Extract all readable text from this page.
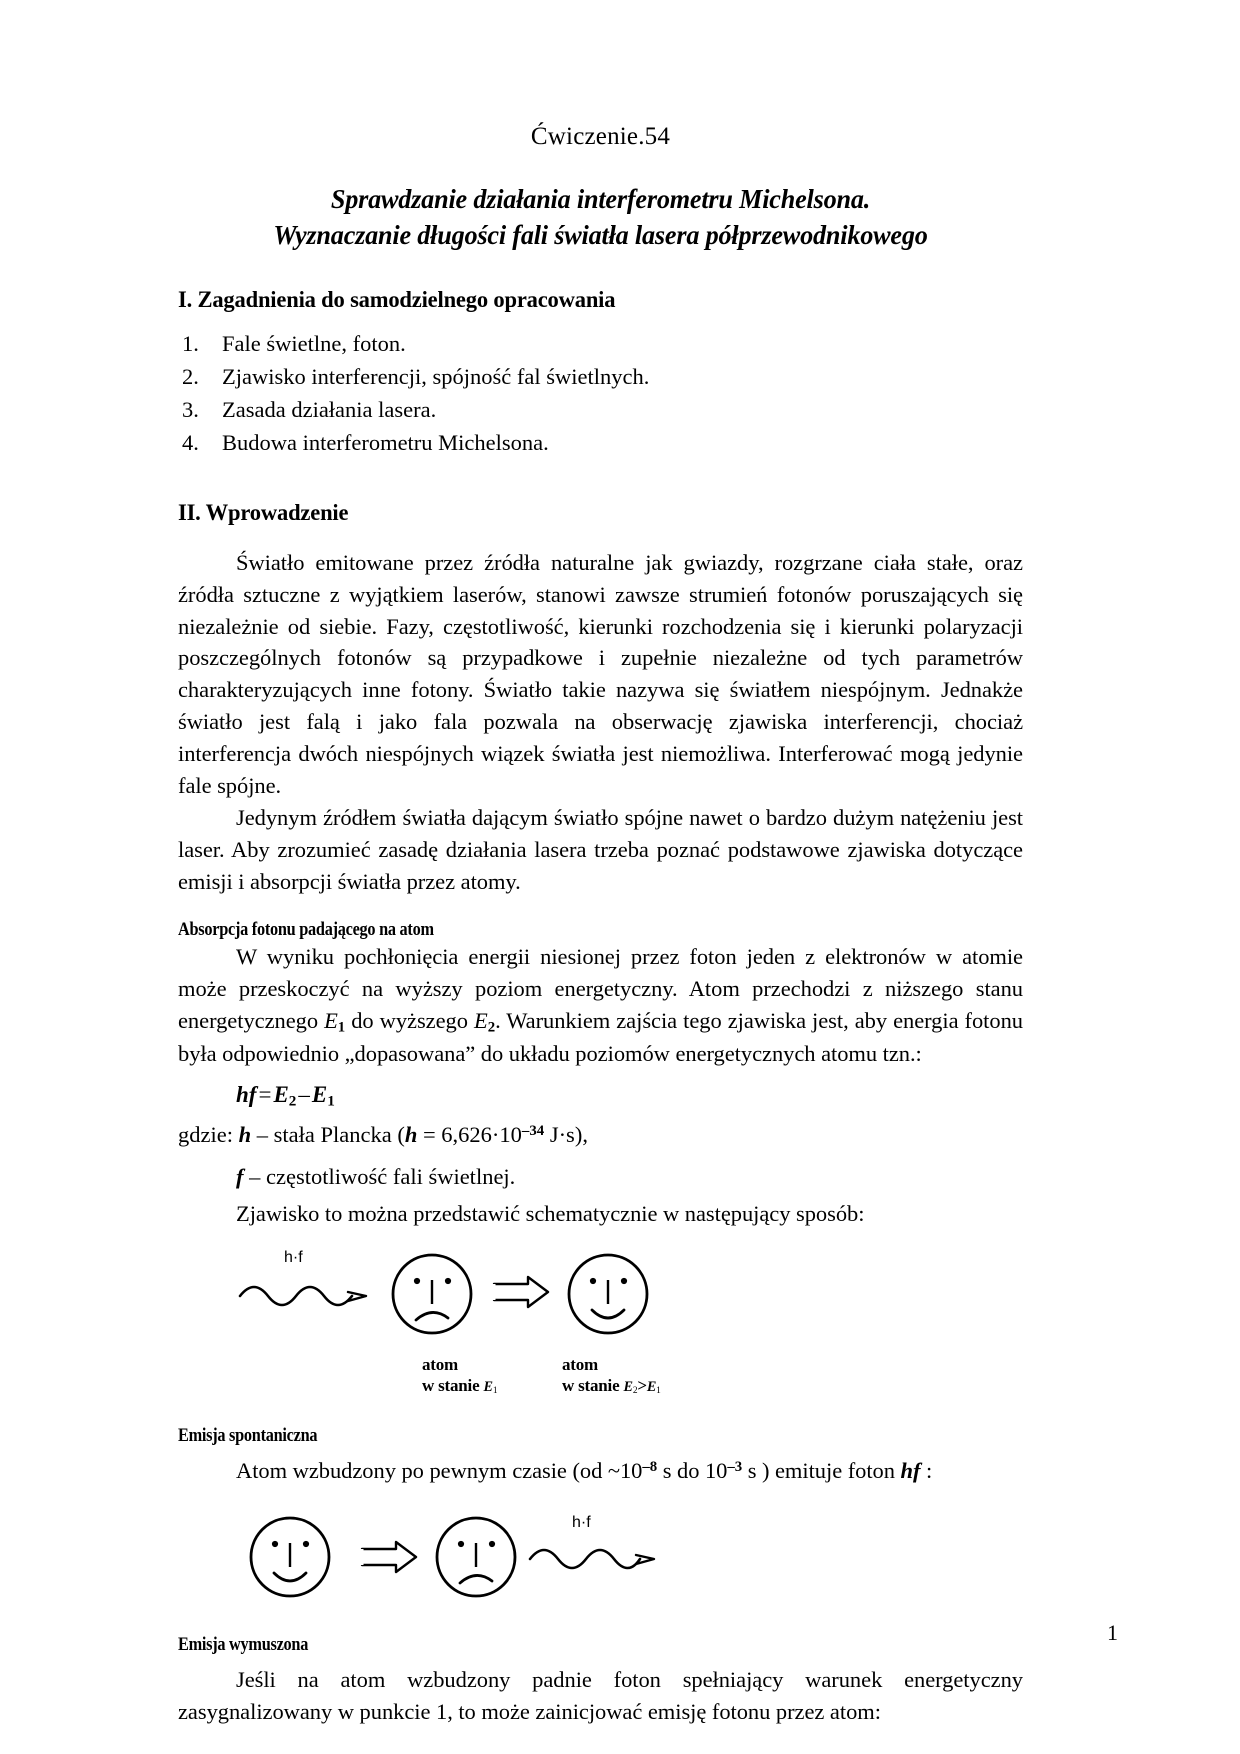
Ćwiczenie.54
Sprawdzanie działania interferometru Michelsona.
Wyznaczanie długości fali światła lasera półprzewodnikowego
I. Zagadnienia do samodzielnego opracowania
1.	Fale świetlne, foton.
2.	Zjawisko interferencji, spójność fal świetlnych.
3.	Zasada działania lasera.
4.	Budowa interferometru Michelsona.
II. Wprowadzenie

Światło emitowane przez źródła naturalne jak gwiazdy, rozgrzane ciała stałe, oraz źródła sztuczne z wyjątkiem laserów, stanowi zawsze strumień fotonów poruszających się niezależnie od siebie. Fazy, częstotliwość, kierunki rozchodzenia się i kierunki polaryzacji poszczególnych fotonów są przypadkowe i zupełnie niezależne od tych parametrów charakteryzujących inne fotony. Światło takie nazywa się światłem niespójnym. Jednakże światło jest falą i jako fala pozwala na obserwację zjawiska interferencji, chociaż interferencja dwóch niespójnych wiązek światła jest niemożliwa. Interferować mogą jedynie fale spójne.

Jedynym źródłem światła dającym światło spójne nawet o bardzo dużym natężeniu jest laser. Aby zrozumieć zasadę działania lasera trzeba poznać podstawowe zjawiska dotyczące emisji i absorpcji światła przez atomy.

Absorpcja fotonu padającego na atom

W wyniku pochłonięcia energii niesionej przez foton jeden z elektronów w atomie może przeskoczyć na wyższy poziom energetyczny. Atom przechodzi z niższego stanu energetycznego $E_1$ do wyższego $E_2$. Warunkiem zajścia tego zjawiska jest, aby energia fotonu była odpowiednio „dopasowana” do układu poziomów energetycznych atomu tzn.:

$hf=E_2-E_1$
gdzie: h – stała Plancka ($h = 6,626\cdot 10^{-34}$ J·s),
f – częstotliwość fali świetlnej.

Zjawisko to można przedstawić schematycznie w następujący sposób:

h·f
atom
w stanie $E_1$
atom
w stanie $E_2>E_1$
Emisja spontaniczna

Atom wzbudzony po pewnym czasie (od $\sim 10^{-8}$ s do $10^{-3}$ s ) emituje foton hf :

h·f
Emisja wymuszona

Jeśli na atom wzbudzony padnie foton spełniający warunek energetyczny zasygnalizowany w punkcie 1, to może zainicjować emisję fotonu przez atom:

1
